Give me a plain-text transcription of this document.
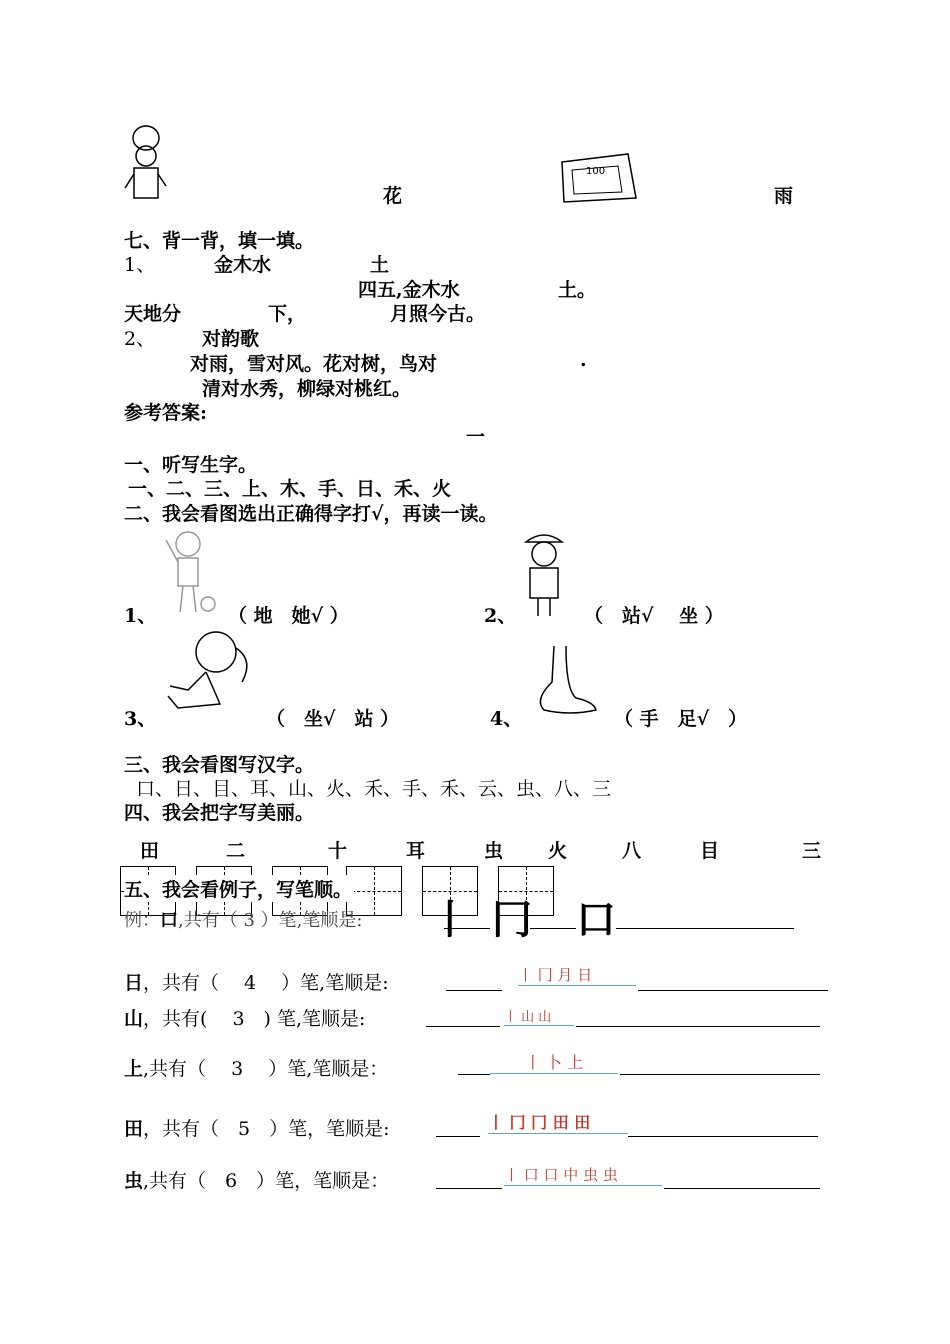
花
100
雨
七、背一背，填一填。
1、	金木水	土
四五,金木水	土。
天地分	下，	月照今古。
2、 对韵歌
对雨，雪对风。花对树，鸟对	.
清对水秀，柳绿对桃红。
参考答案:
一
一、听写生字。
一、二、三、上、木、手、日、禾、火
二、我会看图选出正确得字打√，再读一读。
1、	（ 地　她√ ）	2、	（　站√　 坐 ）
3、	（　坐√　站 ）	4、	（ 手　足√　）
三、我会看图写汉字。
口、日、目、耳、山、火、禾、手、禾、云、虫、八、三
四、我会把字写美丽。
田	二	十	耳	虫 火	八	目	三
五、我会看例子，写笔顺。
例：口,共有（ 3 ）笔,笔顺是: 丨 冂 口
日，共有（　 4　 ）笔,笔顺是:	丨 冂 月 日
山，共有(　 3　) 笔,笔顺是:	丨 山 山
上,共有（　 3　 ）笔,笔顺是：	丨 卜 上
田，共有（　5　）笔，笔顺是:	丨 冂 冂 田 田
虫,共有（　6　）笔，笔顺是：	丨 口 口 中 虫 虫
